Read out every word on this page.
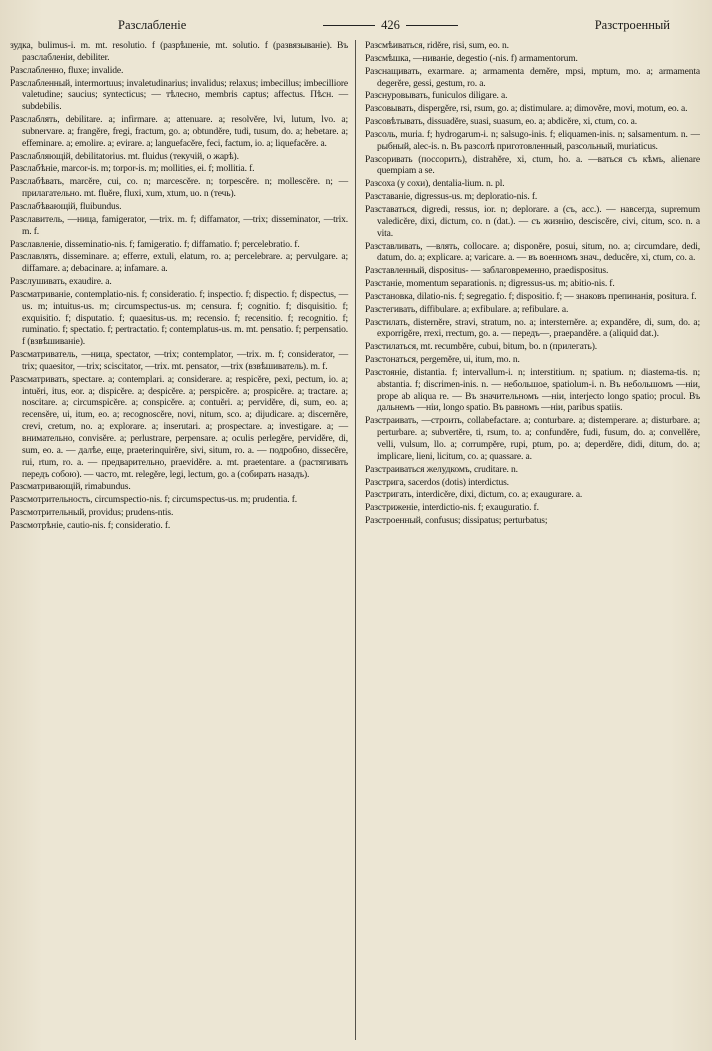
Разслабленiе	426	Разстроенный

зудка, bulimus-i. m. mt. resolutio. f (разрѣшенie, mt. solutio. f (развязыванie). Въ разслабленiи, debiliter.

Разслабленно, fluxe; invalide.

Разслабленный, intermortuus; invaletudinarius; invalidus; relaxus; imbecillus; imbecilliore valetudine; saucius; syntecticus; — тѣлесно, membris captus; affectus. Пѣсн. — subdebilis.

Разслаблять, debilitare. a; infirmare. a; attenuare. a; resolvĕre, lvi, lutum, lvo. a; subnervare. a; frangĕre, fregi, fractum, go. a; obtundĕre, tudi, tusum, do. a; hebetare. a; effeminare. a; emolire. a; evirare. a; languefacĕre, feci, factum, io. a; liquefacĕre. a.

Разслабляющiй, debilitatorius. mt. fluidus (текучiй, о жарѣ).

Разслабѣнie, marcor-is. m; torpor-is. m; mollities, ei. f; mollitia. f.

Разслабѣвать, marcĕre, cui, co. n; marcescĕre. n; torpescĕre. n; mollescĕre. n; — прилагательно. mt. fluĕre, fluxi, xum, xtum, uo. n (течь).

Разслабѣвающiй, fluibundus.

Разславитель, —ница, famigerator, —trix. m. f; diffamator, —trix; disseminator, —trix. m. f.

Разславленie, disseminatio-nis. f; famigeratio. f; diffamatio. f; percelebratio. f.

Разславлять, disseminare. a; efferre, extuli, elatum, ro. a; percelebrare. a; pervulgare. a; diffamare. a; debacinare. a; infamare. a.

Разслушивать, exaudire. a.

Разсматриванie, contemplatio-nis. f; consideratio. f; inspectio. f; dispectio. f; dispectus, —us. m; intuitus-us. m; circumspectus-us. m; censura. f; cognitio. f; disquisitio. f; exquisitio. f; disputatio. f; quaesitus-us. m; recensio. f; recensitio. f; recognitio. f; ruminatio. f; spectatio. f; pertractatio. f; contemplatus-us. m. mt. pensatio. f; perpensatio. f (взвѣшиванie).

Разсматриватель, —ница, spectator, —trix; contemplator, —trix. m. f; considerator, —trix; quaesitor, —trix; scisсitator, —trix. mt. pensator, —trix (взвѣшиватель). m. f.

Разсматривать, spectare. a; contemplari. a; considerare. a; respicĕre, pexi, pectum, io. a; intuĕri, itus, eor. a; dispicĕre. a; despicĕre. a; perspicĕre. a; prospicĕre. a; tractare. a; noscitare. a; circumspicĕre. a; conspicĕre. a; contuĕri. a; pervidĕre, di, sum, eo. a; recensĕre, ui, itum, eo. a; recognoscĕre, novi, nitum, sco. a; dijudicare. a; discernĕre, crevi, cretum, no. a; explorare. a; inserutari. a; prospectare. a; investigare. a; — внимательно, convisĕre. a; perlustrare, perpensare. a; oculis perlegĕre, pervidĕre, di, sum, eo. a. — далѣе, еще, praeterinquirĕre, sivi, situm, ro. a. — подробно, dissecĕre, rui, rtum, ro. a. — предварительно, praevidĕre. a. mt. praetentare. a (растягивать передъ собою). — часто, mt. relegĕre, legi, lectum, go. a (собирать назадъ).

Разсматривающiй, rimabundus.

Разсмотрительность, circumspectio-nis. f; circumspectus-us. m; prudentia. f.

Разсмотрительный, providus; prudens-ntis.

Разсмотрѣнie, cautio-nis. f; consideratio. f.

Разсмѣиваться, ridĕre, risi, sum, eo. n.

Разсмѣшка, —ниванie, degestio (-nis. f) armamentorum.

Разснащивать, exarmare. a; armamenta demĕre, mpsi, mptum, mo. a; armamenta degerĕre, gessi, gestum, ro. a.

Разснуровывать, funiculos diligare. a.

Разсовывать, dispergĕre, rsi, rsum, go. a; distimulare. a; dimovĕre, movi, motum, eo. a.

Разсовѣтывать, dissuadĕre, suasi, suasum, eo. a; abdicĕre, xi, ctum, co. a.

Разсоль, muria. f; hydrogarum-i. n; salsugo-inis. f; eliquamen-inis. n; salsamentum. n. — рыбный, alec-is. n. Въ разсолѣ приготовленный, разсольный, muriaticus.

Разсоривать (поссорить), distrahĕre, xi, ctum, ho. a. —ваться съ кѣмъ, alienare quempiam a se.

Разсоха (у сохи), dentalia-lium. n. pl.

Разставанie, digressus-us. m; deploratio-nis. f.

Разставаться, digredi, ressus, ior. n; deplorare. a (съ, acc.). — навсегда, supremum valedicĕre, dixi, dictum, co. n (dat.). — съ жизнiю, desciscĕre, civi, citum, sco. n. a vita.

Разставливать, —влять, collocare. a; disponĕre, posui, situm, no. a; circumdare, dedi, datum, do. a; explicare. a; varicare. a. — въ военномъ знач., deducĕre, xi, ctum, co. a.

Разставленный, dispositus- — заблаговременно, praedispositus.

Разстанie, momentum separationis. n; digressus-us. m; abitio-nis. f.

Разстановка, dilatio-nis. f; segregatio. f; dispositio. f; — знаковъ препинанiя, positura. f.

Разстегивать, diffibulare. a; exfibulare. a; refibulare. a.

Разстилать, disternĕre, stravi, stratum, no. a; intersternĕre. a; expandĕre, di, sum, do. a; exporrigĕre, rrexi, rrectum, go. a. — передъ—, praepandĕre. a (aliquid dat.).

Разстилаться, mt. recumbĕre, cubui, bitum, bo. n (прилегать).

Разстонаться, pergemĕre, ui, itum, mo. n.

Разстоянie, distantia. f; intervallum-i. n; interstitium. n; spatium. n; diastema-tis. n; abstantia. f; discrimen-inis. n. — небольшое, spatiolum-i. n. Въ небольшомъ —нiи, prope ab aliqua re. — Въ значительномъ —нiи, interjecto longo spatio; procul. Въ дальнемъ —нiи, longo spatio. Въ равномъ —нiи, paribus spatiis.

Разстраивать, —строить, collabefactare. a; conturbare. a; distemperare. a; disturbare. a; perturbare. a; subvertĕre, ti, rsum, to. a; confundĕre, fudi, fusum, do. a; convellĕre, velli, vulsum, llo. a; corrumpĕre, rupi, ptum, po. a; deperdĕre, didi, ditum, do. a; implicare, lieni, licitum, co. a; quassare. a.

Разстраиваться желудкомъ, cruditare. n.

Разстрига, sacerdos (dotis) interdictus.

Разстригать, interdicĕre, dixi, dictum, co. a; exaugurare. a.

Разстриженie, interdictio-nis. f; exauguratio. f.

Разстроенный, confusus; dissipatus; perturbatus;
